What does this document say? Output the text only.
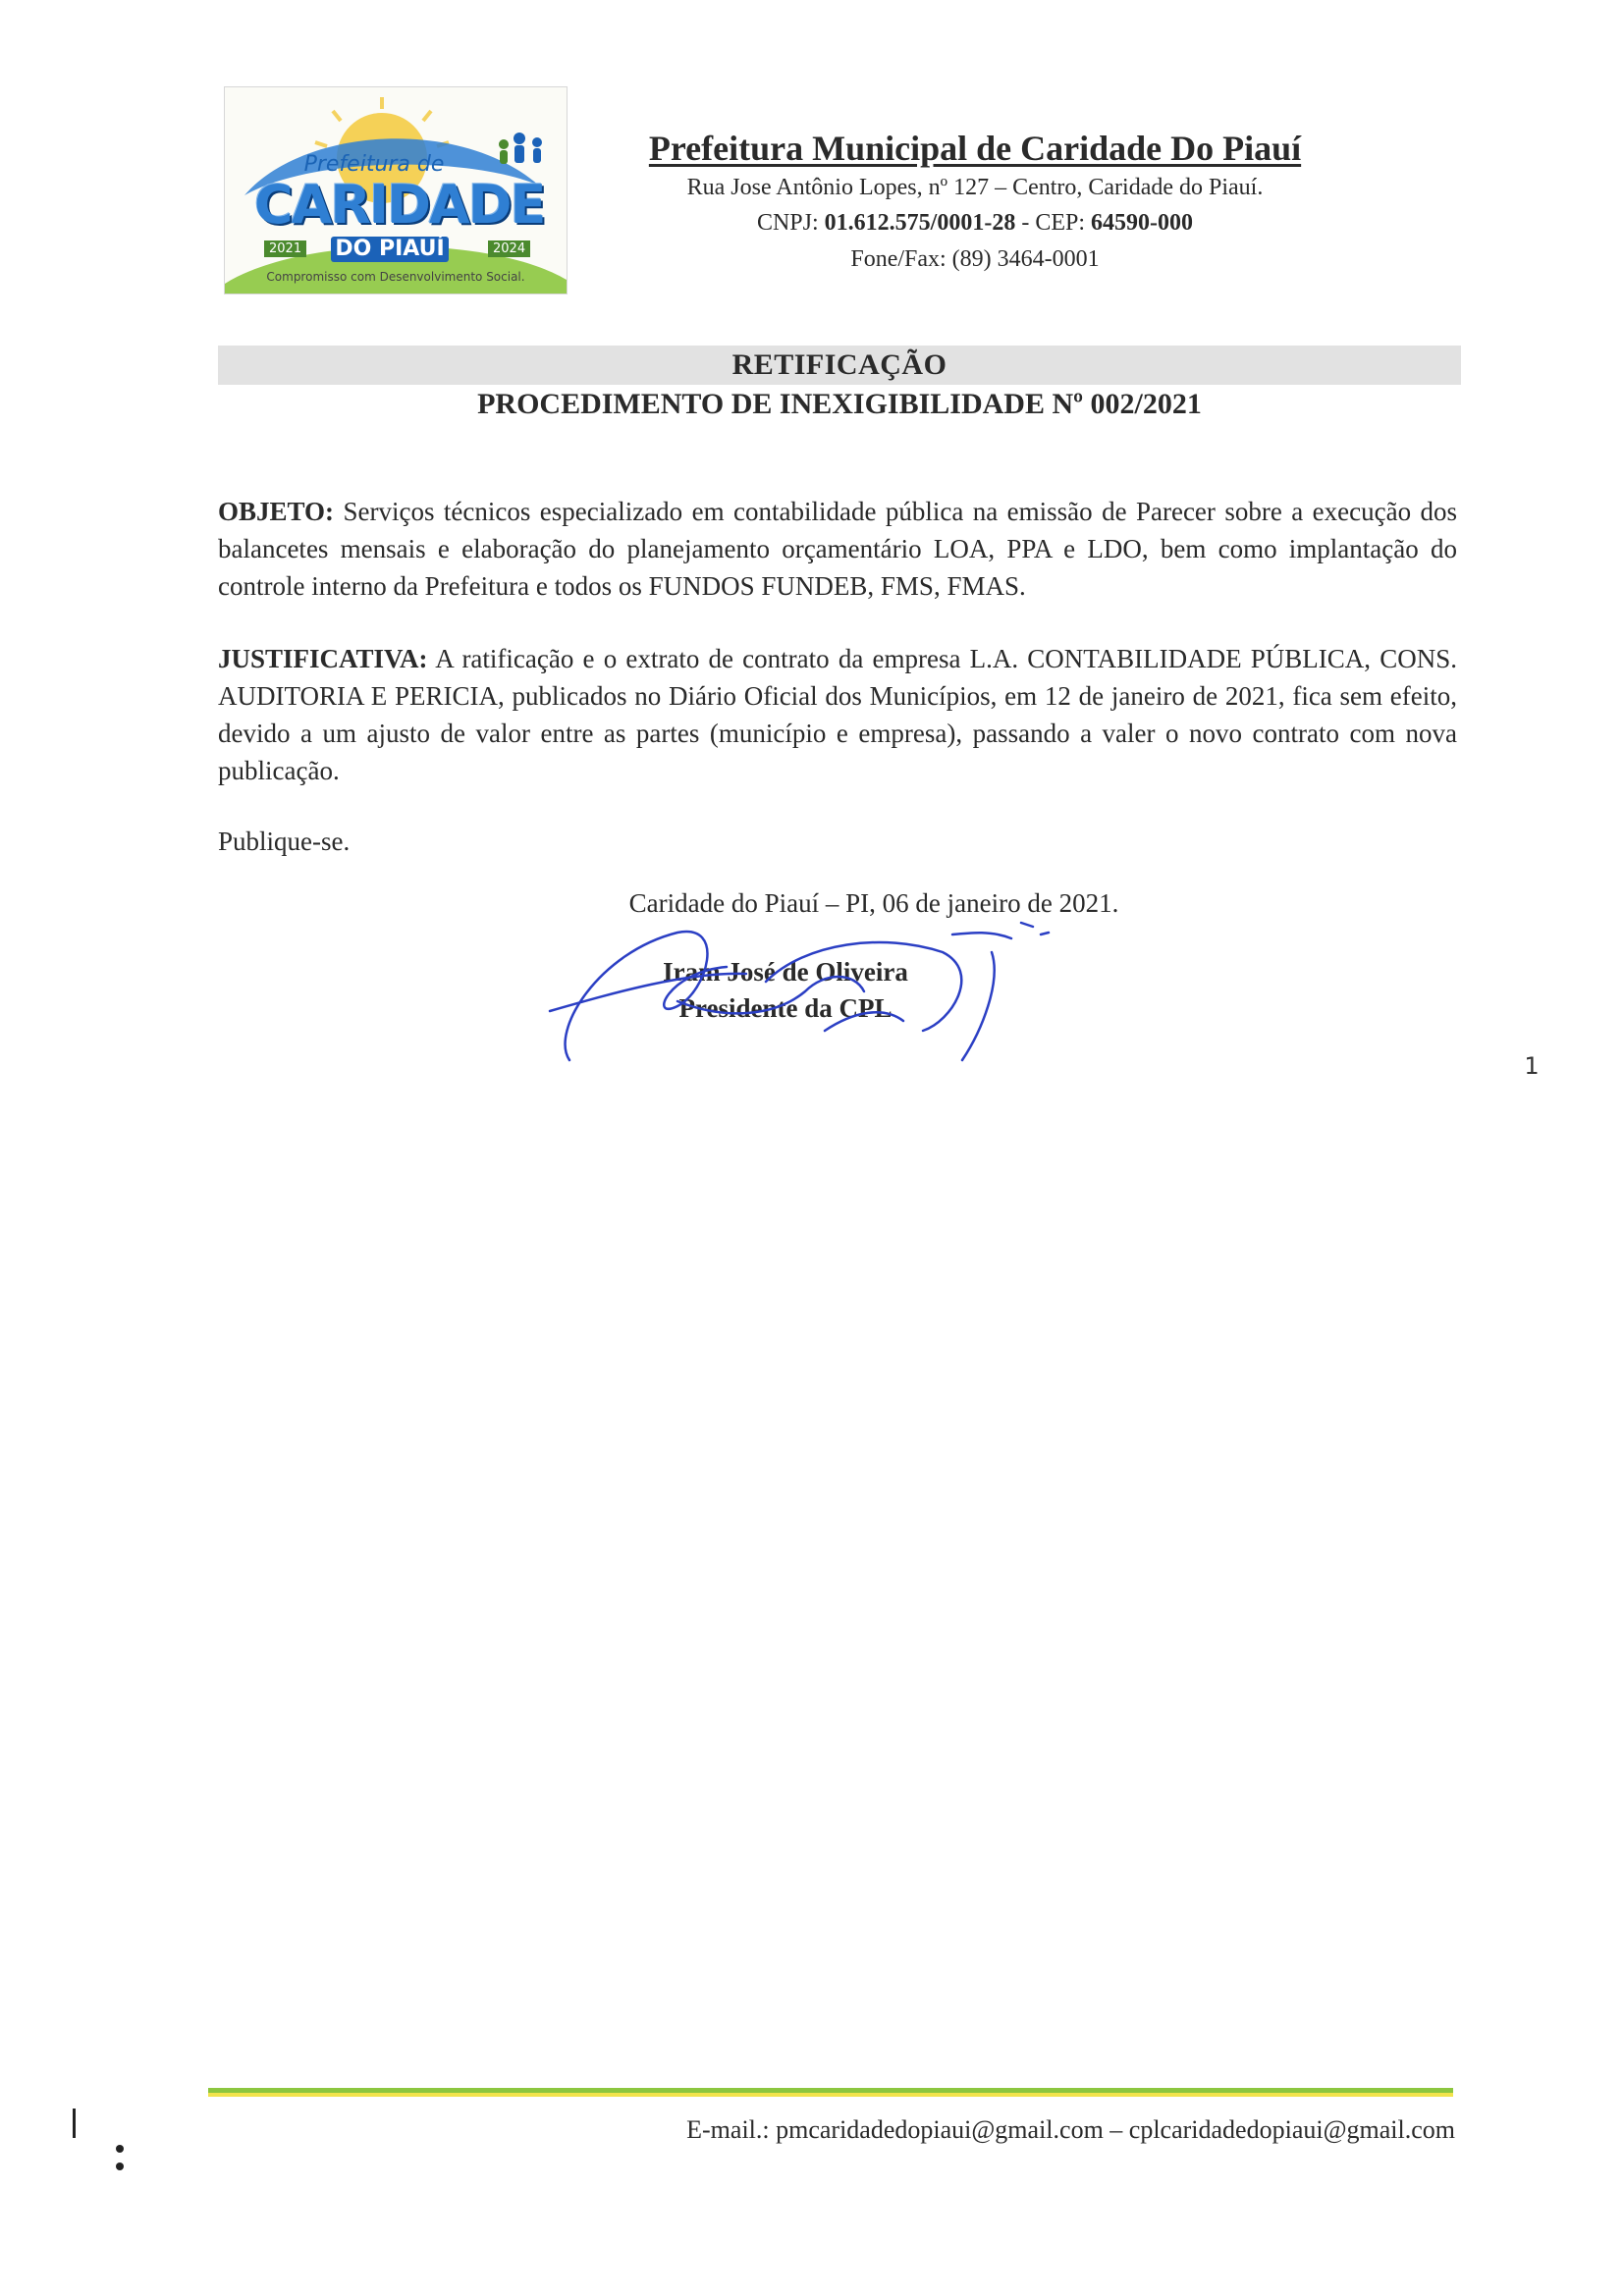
Prefeitura de
CARIDADE
2021 DO PIAUÍ	2024
Compromisso com Desenvolvimento Social.
Prefeitura Municipal de Caridade Do Piauí
Rua Jose Antônio Lopes, nº 127 – Centro, Caridade do Piauí.
CNPJ: 01.612.575/0001-28 - CEP: 64590-000
Fone/Fax: (89) 3464-0001
RETIFICAÇÃO
PROCEDIMENTO DE INEXIGIBILIDADE Nº 002/2021
OBJETO: Serviços técnicos especializado em contabilidade pública na emissão de Parecer sobre a execução dos balancetes mensais e elaboração do planejamento orçamentário LOA, PPA e LDO, bem como implantação do controle interno da Prefeitura e todos os FUNDOS FUNDEB, FMS, FMAS.
JUSTIFICATIVA: A ratificação e o extrato de contrato da empresa L.A. CONTABILIDADE PÚBLICA, CONS. AUDITORIA E PERICIA, publicados no Diário Oficial dos Municípios, em 12 de janeiro de 2021, fica sem efeito, devido a um ajusto de valor entre as partes (município e empresa), passando a valer o novo contrato com nova publicação.
Publique-se.
Caridade do Piauí – PI, 06 de janeiro de 2021.
Iram José de Oliveira
Presidente da CPL
1
E-mail.: pmcaridadedopiaui@gmail.com – cplcaridadedopiaui@gmail.com
